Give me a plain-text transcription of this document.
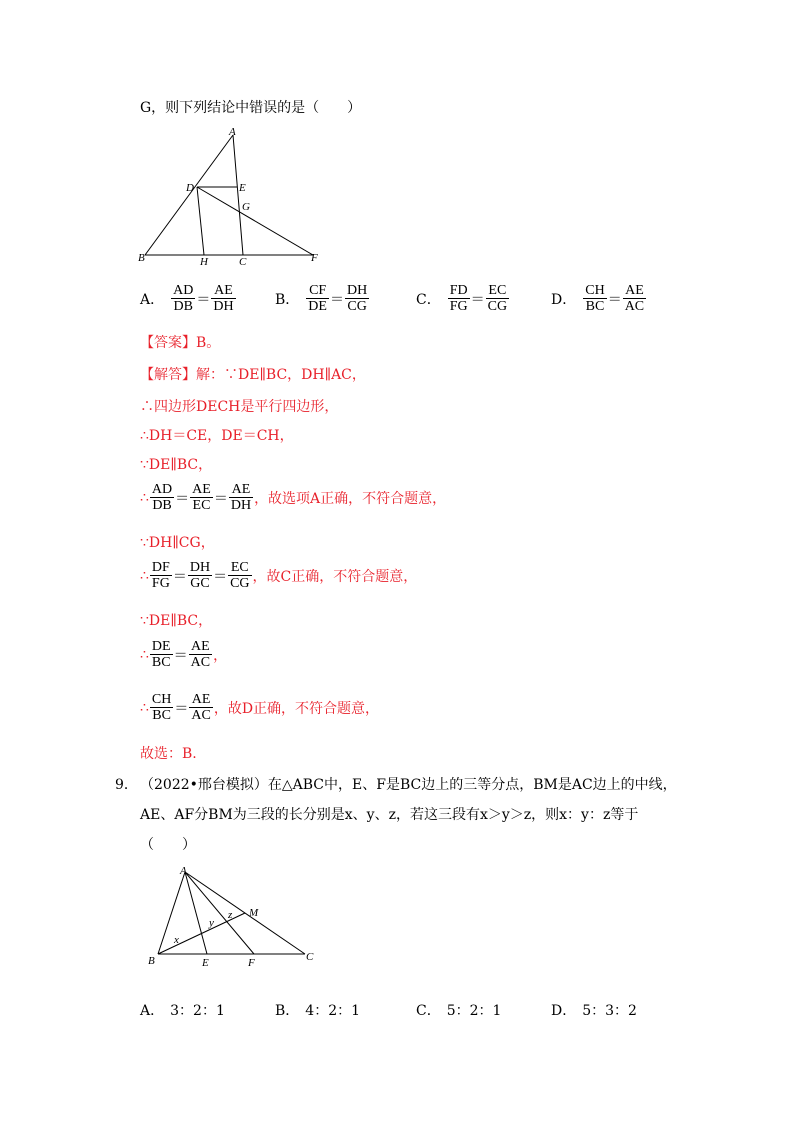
G，则下列结论中错误的是（　　）
A
D	E
G
B	H	C	F
A． $\frac{AD}{DB} = \frac{AE}{DH}$	B． $\frac{CF}{DE} = \frac{DH}{CG}$	C． $\frac{FD}{FG} = \frac{EC}{CG}$	D． $\frac{CH}{BC} = \frac{AE}{AC}$
【答案】B。
【解答】解：∵DE∥BC，DH∥AC，
∴四边形DECH是平行四边形，
∴DH＝CE，DE＝CH，
∵DE∥BC，
∴ $\frac{AD}{DB} = \frac{AE}{EC} = \frac{AE}{DH}$ ，故选项A正确，不符合题意，
∵DH∥CG，
∴ $\frac{DF}{FG} = \frac{DH}{GC} = \frac{EC}{CG}$ ，故C正确，不符合题意，
∵DE∥BC，
∴ $\frac{DE}{BC} = \frac{AE}{AC}$ ，
∴ $\frac{CH}{BC} = \frac{AE}{AC}$ ，故D正确，不符合题意，
故选：B.
9． （2022•邢台模拟）在△ABC中，E、F是BC边上的三等分点，BM是AC边上的中线，
AE、AF分BM为三段的长分别是x、y、z，若这三段有x＞y＞z，则x：y：z等于
（　　）
A
B	E	F	C
M
x
y
z
A． 3：2：1	B． 4：2：1	C． 5：2：1	D． 5：3：2
